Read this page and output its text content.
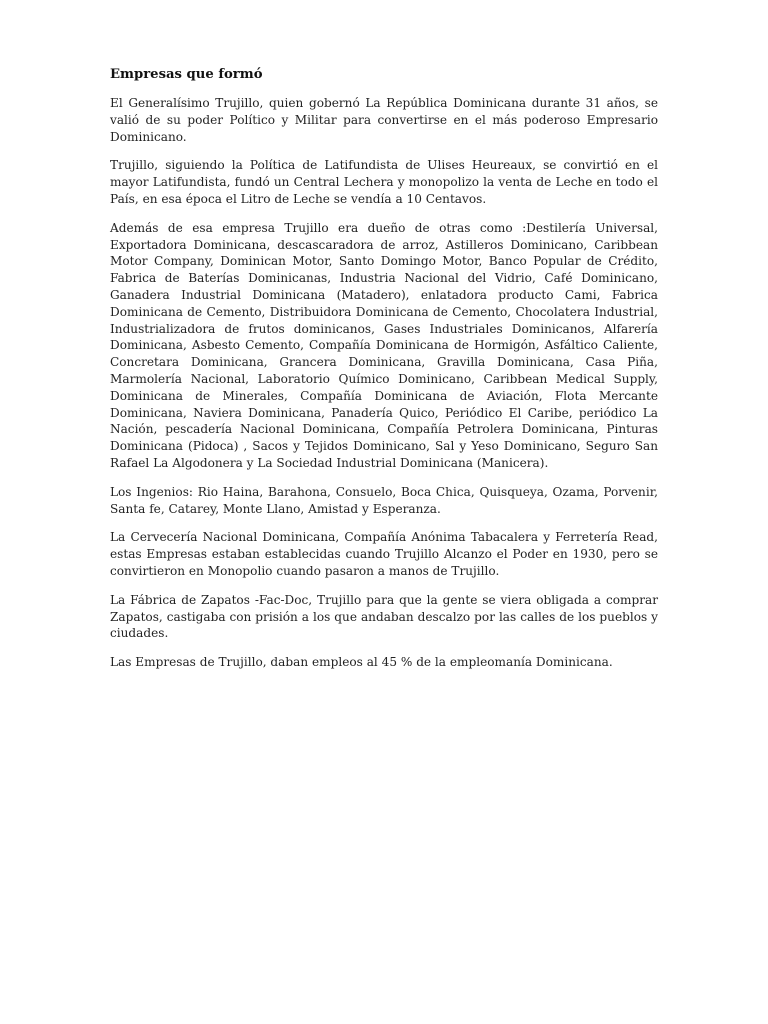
Empresas que formó

El Generalísimo Trujillo, quien gobernó La República Dominicana durante 31 años, se valió de su poder Político y Militar para convertirse en el más poderoso Empresario Dominicano.

Trujillo, siguiendo la Política de Latifundista de Ulises Heureaux, se convirtió en el mayor Latifundista, fundó un Central Lechera y monopolizo la venta de Leche en todo el País, en esa época el Litro de Leche se vendía a 10 Centavos.

Además de esa empresa Trujillo era dueño de otras como :Destilería Universal, Exportadora Dominicana, descascaradora de arroz, Astilleros Dominicano, Caribbean Motor Company, Dominican Motor, Santo Domingo Motor, Banco Popular de Crédito, Fabrica de Baterías Dominicanas, Industria Nacional del Vidrio, Café Dominicano, Ganadera Industrial Dominicana (Matadero), enlatadora producto Cami, Fabrica Dominicana de Cemento, Distribuidora Dominicana de Cemento, Chocolatera Industrial, Industrializadora de frutos dominicanos, Gases Industriales Dominicanos, Alfarería Dominicana, Asbesto Cemento, Compañía Dominicana de Hormigón, Asfáltico Caliente, Concretara Dominicana, Grancera Dominicana, Gravilla Dominicana, Casa Piña, Marmolería Nacional, Laboratorio Químico Dominicano, Caribbean Medical Supply, Dominicana de Minerales, Compañía Dominicana de Aviación, Flota Mercante Dominicana, Naviera Dominicana, Panadería Quico, Periódico El Caribe, periódico La Nación, pescadería Nacional Dominicana, Compañía Petrolera Dominicana, Pinturas Dominicana (Pidoca) , Sacos y Tejidos Dominicano, Sal y Yeso Dominicano, Seguro San Rafael La Algodonera y La Sociedad Industrial Dominicana (Manicera).

Los Ingenios: Rio Haina, Barahona, Consuelo, Boca Chica, Quisqueya, Ozama, Porvenir, Santa fe, Catarey, Monte Llano, Amistad y Esperanza.

La Cervecería Nacional Dominicana, Compañía Anónima Tabacalera y Ferretería Read, estas Empresas estaban establecidas cuando Trujillo Alcanzo el Poder en 1930, pero se convirtieron en Monopolio cuando pasaron a manos de Trujillo.

La Fábrica de Zapatos -Fac-Doc, Trujillo para que la gente se viera obligada a comprar Zapatos, castigaba con prisión a los que andaban descalzo por las calles de los pueblos y ciudades.

Las Empresas de Trujillo, daban empleos al 45 % de la empleomanía Dominicana.
